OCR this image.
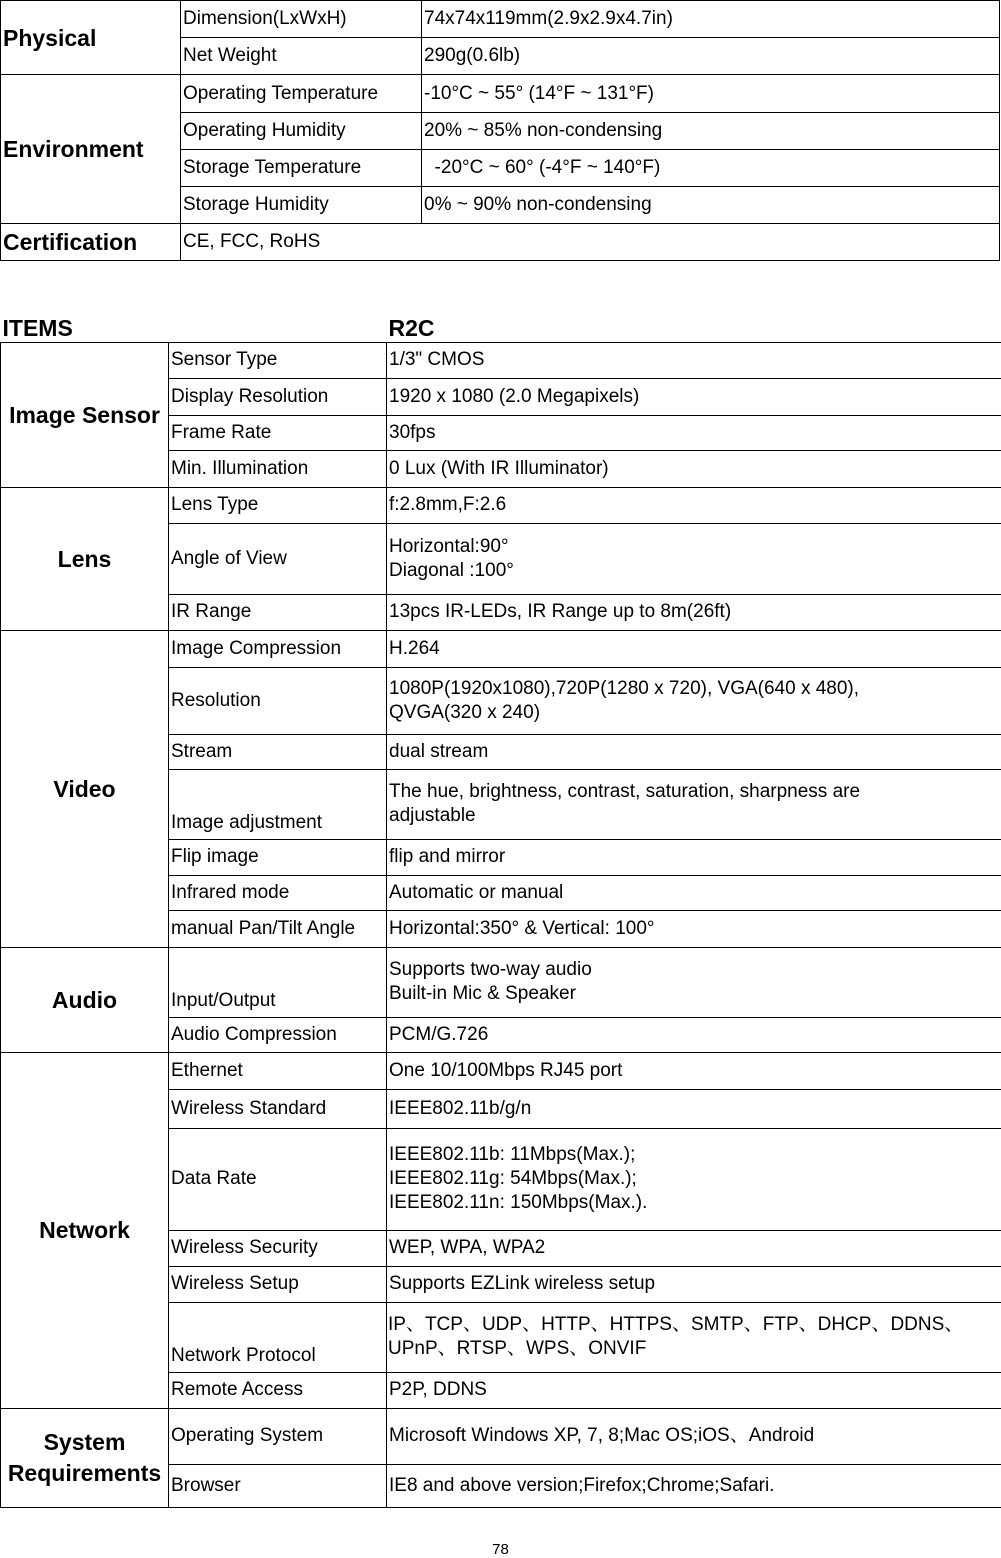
Physical	Dimension(LxWxH)	74x74x119mm(2.9x2.9x4.7in)
	Net Weight	290g(0.6lb)
Environment	Operating Temperature	-10°C ~ 55° (14°F ~ 131°F)
	Operating Humidity	20% ~ 85% non-condensing
	Storage Temperature	-20°C ~ 60° (-4°F ~ 140°F)
	Storage Humidity	0% ~ 90% non-condensing
Certification	CE, FCC, RoHS	
ITEMS		R2C
Image Sensor	Sensor Type	1/3" CMOS
	Display Resolution	1920 x 1080 (2.0 Megapixels)
	Frame Rate	30fps
	Min. Illumination	0 Lux (With IR Illuminator)
Lens	Lens Type	f:2.8mm,F:2.6
	Angle of View	Horizontal:90°
Diagonal :100°

	IR Range	13pcs IR-LEDs, IR Range up to 8m(26ft)
Video	Image Compression	H.264
	Resolution	1080P(1920x1080),720P(1280 x 720), VGA(640 x 480),
QVGA(320 x 240)

	Stream	dual stream
	Image adjustment	The hue, brightness, contrast, saturation, sharpness are
adjustable

	Flip image	flip and mirror
	Infrared mode	Automatic or manual
	manual Pan/Tilt Angle	Horizontal:350° & Vertical: 100°
Audio	Input/Output	Supports two-way audio
Built-in Mic & Speaker

	Audio Compression	PCM/G.726
Network	Ethernet	One 10/100Mbps RJ45 port
	Wireless Standard	IEEE802.11b/g/n
	Data Rate	IEEE802.11b: 11Mbps(Max.);
IEEE802.11g: 54Mbps(Max.);
IEEE802.11n: 150Mbps(Max.).

	Wireless Security	WEP, WPA, WPA2
	Wireless Setup	Supports EZLink wireless setup
	Network Protocol	IP、TCP、UDP、HTTP、HTTPS、SMTP、FTP、DHCP、DDNS、
UPnP、RTSP、WPS、ONVIF

	Remote Access	P2P, DDNS

System
Requirements	Operating System	Microsoft Windows XP, 7, 8;Mac OS;iOS、Android
	Browser	IE8 and above version;Firefox;Chrome;Safari.
78
